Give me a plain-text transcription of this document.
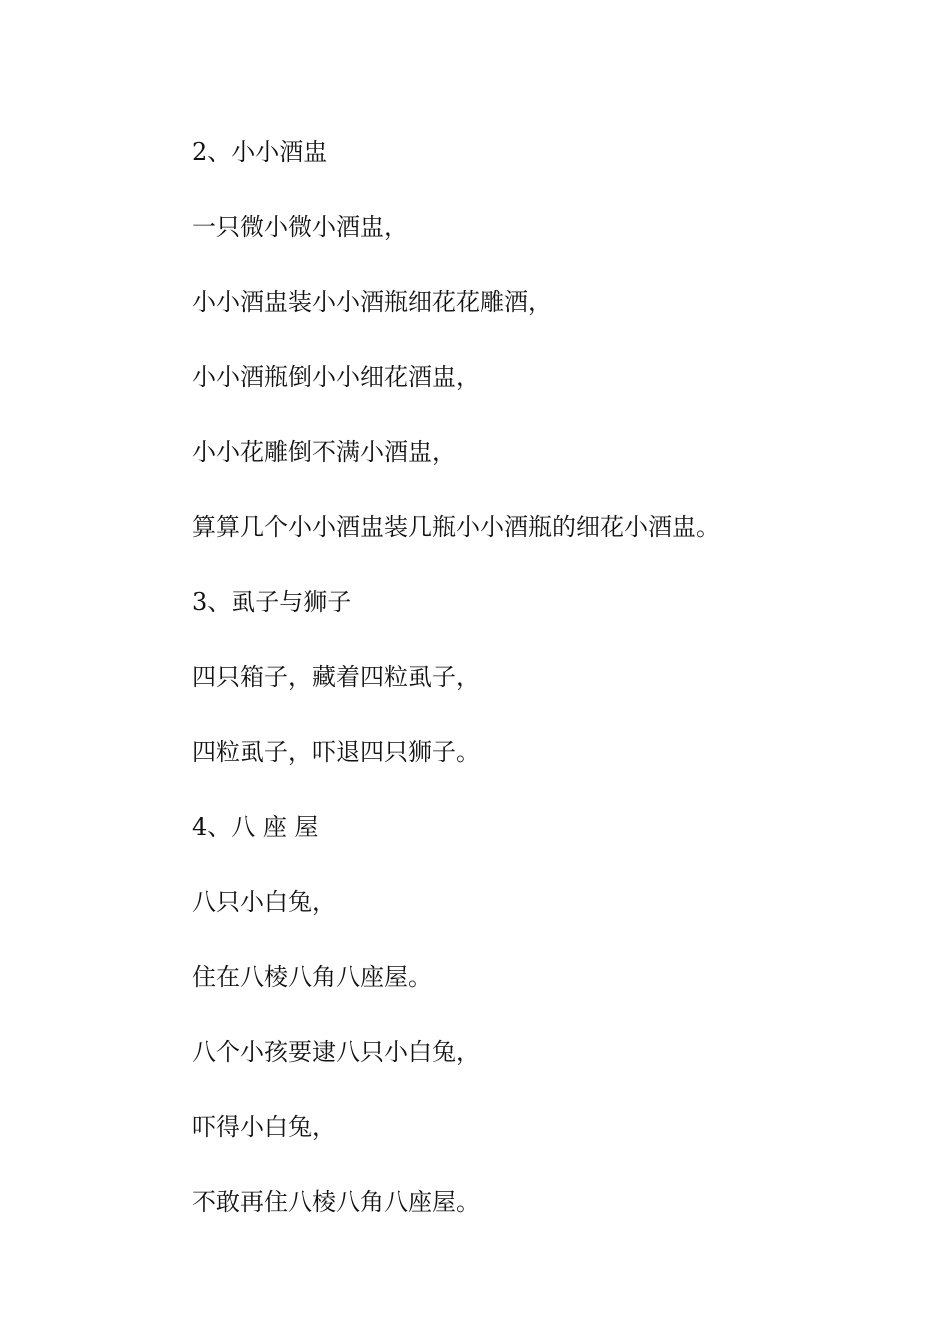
2、小小酒盅
一只微小微小酒盅，
小小酒盅装小小酒瓶细花花雕酒，
小小酒瓶倒小小细花酒盅，
小小花雕倒不满小酒盅，
算算几个小小酒盅装几瓶小小酒瓶的细花小酒盅。
3、虱子与狮子
四只箱子，藏着四粒虱子，
四粒虱子，吓退四只狮子。
4、八 座 屋
八只小白兔，
住在八棱八角八座屋。
八个小孩要逮八只小白兔，
吓得小白兔，
不敢再住八棱八角八座屋。
